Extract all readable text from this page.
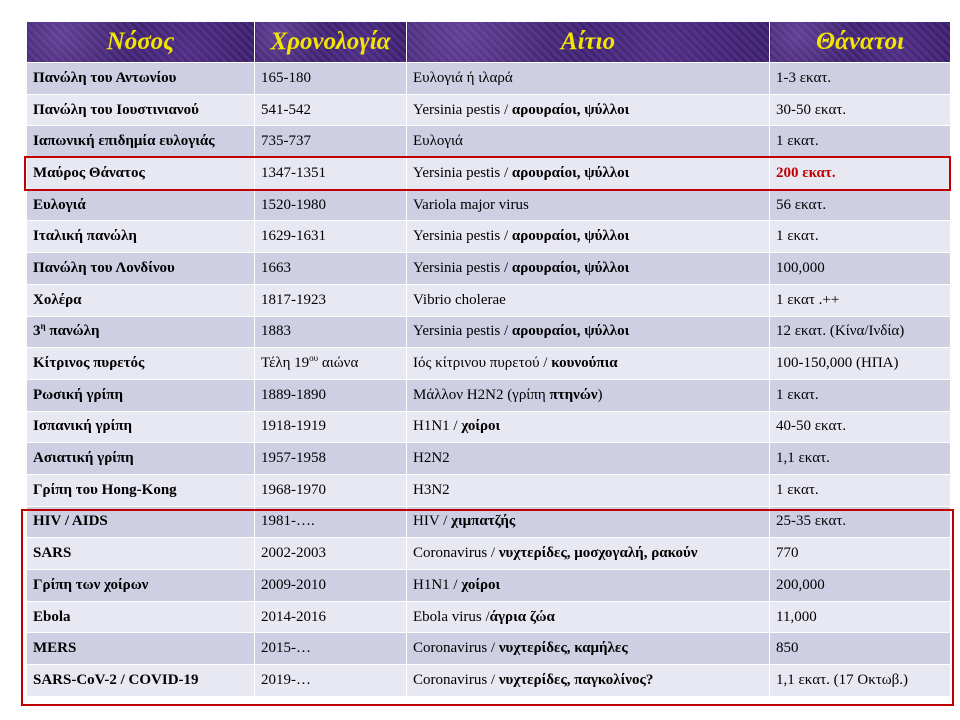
Νόσος	Χρονολογία	Αίτιο	Θάνατοι
Πανώλη του Αντωνίου	165-180	Ευλογιά ή ιλαρά	1-3 εκατ.
Πανώλη του Ιουστινιανού	541-542	Yersinia pestis / αρουραίοι, ψύλλοι	30-50 εκατ.
Ιαπωνική επιδημία ευλογιάς	735-737	Ευλογιά	1 εκατ.
Μαύρος Θάνατος	1347-1351	Yersinia pestis / αρουραίοι, ψύλλοι	200 εκατ.
Ευλογιά	1520-1980	Variola major virus	56 εκατ.
Ιταλική πανώλη	1629-1631	Yersinia pestis / αρουραίοι, ψύλλοι	1 εκατ.
Πανώλη του Λονδίνου	1663	Yersinia pestis / αρουραίοι, ψύλλοι	100,000
Χολέρα	1817-1923	Vibrio cholerae	1 εκατ .++
$3^\eta$ πανώλη	1883	Yersinia pestis / αρουραίοι, ψύλλοι	12 εκατ. (Κίνα/Ινδία)
Κίτρινος πυρετός	Τέλη $19^{o\upsilon}$ αιώνα	Ιός κίτρινου πυρετού / κουνούπια	100-150,000 (ΗΠΑ)
Ρωσική γρίπη	1889-1890	Μάλλον H2N2 (γρίπη πτηνών)	1 εκατ.
Ισπανική γρίπη	1918-1919	H1N1 / χοίροι	40-50 εκατ.
Ασιατική γρίπη	1957-1958	H2N2	1,1 εκατ.
Γρίπη του Hong-Kong	1968-1970	H3N2	1 εκατ.
HIV / AIDS	1981-….	HIV / χιμπατζής	25-35 εκατ.
SARS	2002-2003	Coronavirus / νυχτερίδες, μοσχογαλή, ρακούν	770
Γρίπη των χοίρων	2009-2010	H1N1 / χοίροι	200,000
Ebola	2014-2016	Ebola virus /άγρια ζώα	11,000
MERS	2015-…	Coronavirus / νυχτερίδες, καμήλες	850
SARS-CoV-2 / COVID-19	2019-…	Coronavirus / νυχτερίδες, παγκολίνος?	1,1 εκατ. (17 Οκτωβ.)
